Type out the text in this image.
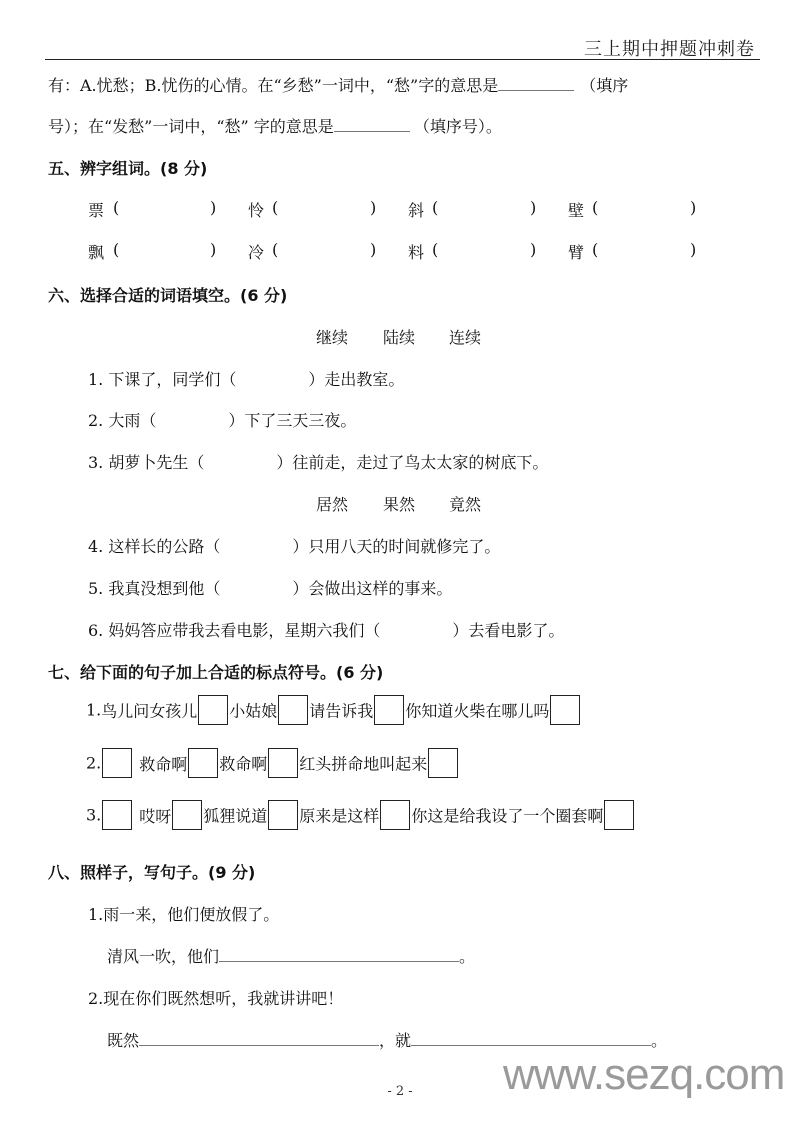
三上期中押题冲刺卷
有：A.忧愁；B.忧伤的心情。在“乡愁”一词中，“愁”字的意思是	（填序
号）；在“发愁”一词中，“愁” 字的意思是	（填序号）。
五、辨字组词。(8 分)
票 (	) 怜 (	) 斜 (	) 壁 (	)
飘 (	) 冷 (	) 料 (	) 臂 (	)
六、选择合适的词语填空。(6 分)
继续 陆续 连续
1. 下课了，同学们（	）走出教室。
2. 大雨（	）下了三天三夜。
3. 胡萝卜先生（	）往前走，走过了鸟太太家的树底下。
居然 果然 竟然
4. 这样长的公路（	）只用八天的时间就修完了。
5. 我真没想到他（	）会做出这样的事来。
6. 妈妈答应带我去看电影，星期六我们（	）去看电影了。
七、给下面的句子加上合适的标点符号。(6 分)
1.鸟儿问女孩儿 小姑娘 请告诉我 你知道火柴在哪儿吗
2. 救命啊 救命啊 红头拼命地叫起来
3. 哎呀 狐狸说道 原来是这样 你这是给我设了一个圈套啊
八、照样子，写句子。(9 分)
1.雨一来，他们便放假了。
清风一吹，他们	。
2.现在你们既然想听，我就讲讲吧！
既然	，就	。
www.sezq.com
- 2 -
